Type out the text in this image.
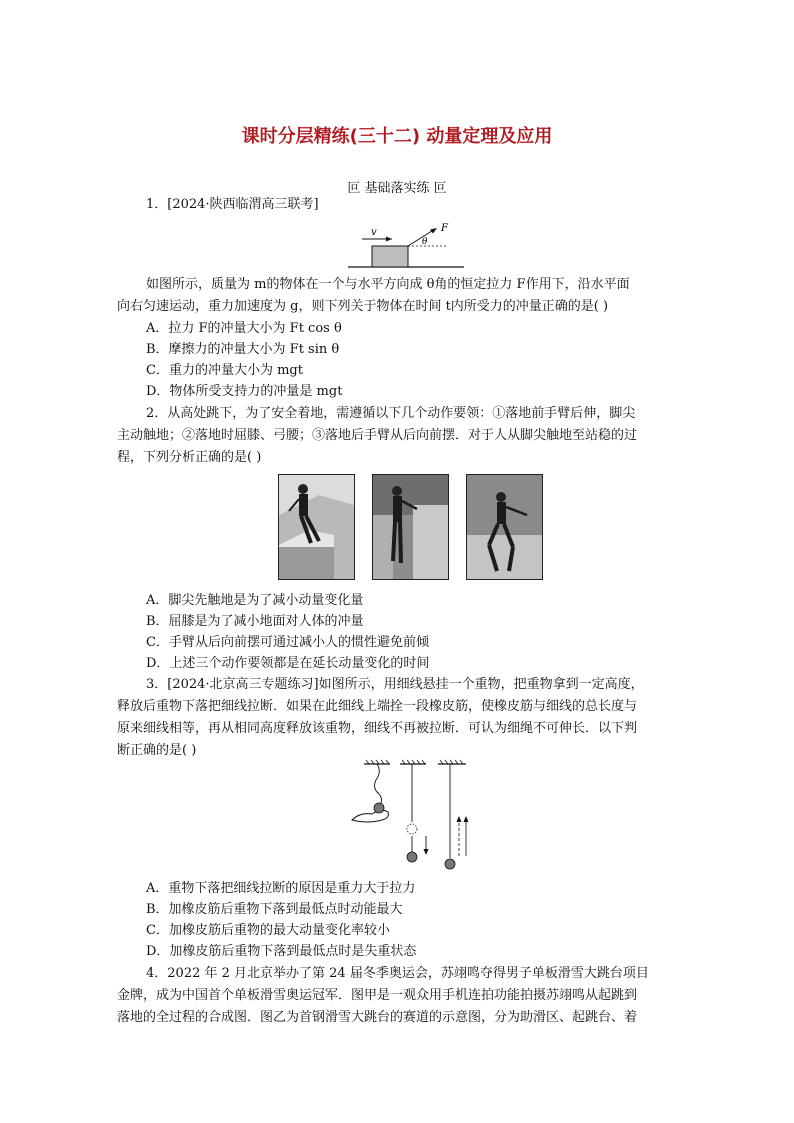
课时分层精练(三十二) 动量定理及应用
叵 基础落实练 叵
1．[2024·陕西临渭高三联考]
v	F
θ
如图所示，质量为 m的物体在一个与水平方向成 θ角的恒定拉力 F作用下，沿水平面
向右匀速运动，重力加速度为 g，则下列关于物体在时间 t内所受力的冲量正确的是( )
A．拉力 F的冲量大小为 Ft cos θ
B．摩擦力的冲量大小为 Ft sin θ
C．重力的冲量大小为 mgt
D．物体所受支持力的冲量是 mgt
2．从高处跳下，为了安全着地，需遵循以下几个动作要领：①落地前手臂后伸，脚尖
主动触地；②落地时屈膝、弓腰；③落地后手臂从后向前摆．对于人从脚尖触地至站稳的过
程，下列分析正确的是( )
A．脚尖先触地是为了减小动量变化量
B．屈膝是为了减小地面对人体的冲量
C．手臂从后向前摆可通过减小人的惯性避免前倾
D．上述三个动作要领都是在延长动量变化的时间
3．[2024·北京高三专题练习]如图所示，用细线悬挂一个重物，把重物拿到一定高度，
释放后重物下落把细线拉断．如果在此细线上端拴一段橡皮筋，使橡皮筋与细线的总长度与
原来细线相等，再从相同高度释放该重物，细线不再被拉断．可认为细绳不可伸长．以下判
断正确的是( )
A．重物下落把细线拉断的原因是重力大于拉力
B．加橡皮筋后重物下落到最低点时动能最大
C．加橡皮筋后重物的最大动量变化率较小
D．加橡皮筋后重物下落到最低点时是失重状态
4．2022 年 2 月北京举办了第 24 届冬季奥运会，苏翊鸣夺得男子单板滑雪大跳台项目
金牌，成为中国首个单板滑雪奥运冠军．图甲是一观众用手机连拍功能拍摄苏翊鸣从起跳到
落地的全过程的合成图．图乙为首钢滑雪大跳台的赛道的示意图，分为助滑区、起跳台、着
